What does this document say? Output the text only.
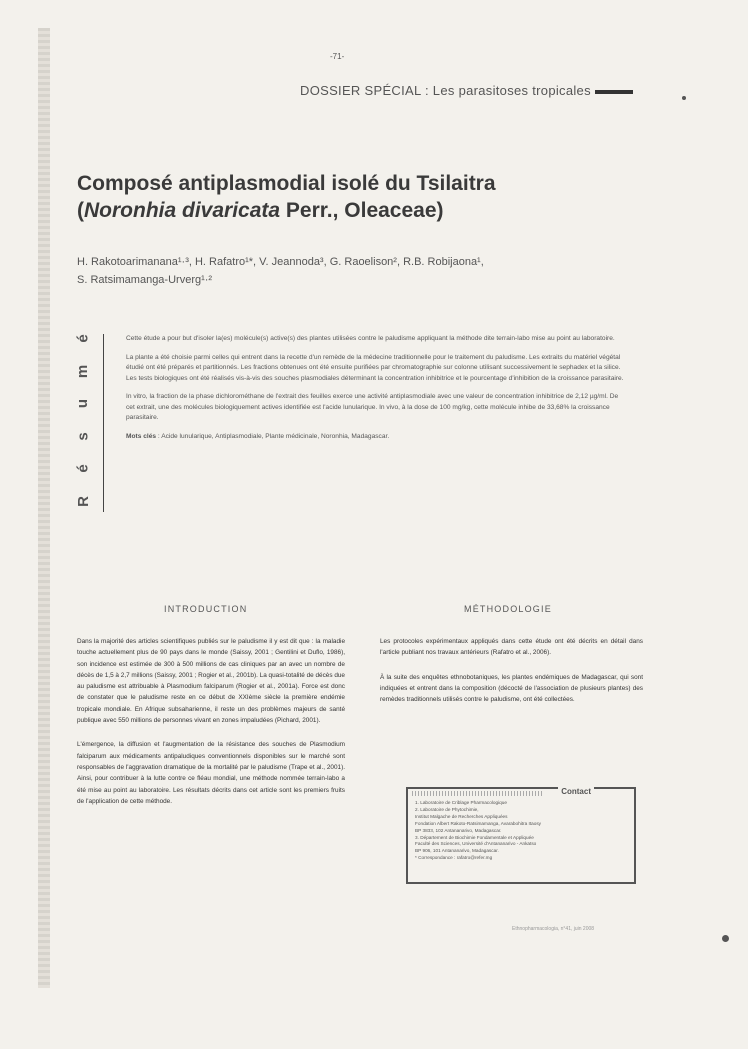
-71-
DOSSIER SPÉCIAL : Les parasitoses tropicales
Composé antiplasmodial isolé du Tsilaitra
(Noronhia divaricata Perr., Oleaceae)
H. Rakotoarimanana¹·³, H. Rafatro¹*, V. Jeannoda³, G. Raoelison², R.B. Robijaona¹,
S. Ratsimamanga-Urverg¹·²
é
m
u
s
é
R

Cette étude a pour but d'isoler la(es) molécule(s) active(s) des plantes utilisées contre le paludisme appliquant la méthode dite terrain-labo mise au point au laboratoire.

La plante a été choisie parmi celles qui entrent dans la recette d'un remède de la médecine traditionnelle pour le traitement du paludisme. Les extraits du matériel végétal étudié ont été préparés et partitionnés. Les fractions obtenues ont été ensuite purifiées par chromatographie sur colonne utilisant successivement le sephadex et la silice. Les tests biologiques ont été réalisés vis-à-vis des souches plasmodiales déterminant la concentration inhibitrice et le pourcentage d'inhibition de la croissance parasitaire.

In vitro, la fraction de la phase dichlorométhane de l'extrait des feuilles exerce une activité antiplasmodiale avec une valeur de concentration inhibitrice de 2,12 µg/ml. De cet extrait, une des molécules biologiquement actives identifiée est l'acide lunularique. In vivo, à la dose de 100 mg/kg, cette molécule inhibe de 33,68% la croissance parasitaire.

Mots clés : Acide lunularique, Antiplasmodiale, Plante médicinale, Noronhia, Madagascar.

INTRODUCTION

Dans la majorité des articles scientifiques publiés sur le paludisme il y est dit que : la maladie touche actuellement plus de 90 pays dans le monde (Saissy, 2001 ; Gentilini et Duflo, 1986), son incidence est estimée de 300 à 500 millions de cas cliniques par an avec un nombre de décès de 1,5 à 2,7 millions (Saissy, 2001 ; Rogier et al., 2001b). La quasi-totalité de décès due au paludisme est attribuable à Plasmodium falciparum (Rogier et al., 2001a). Force est donc de constater que le paludisme reste en ce début de XXIème siècle la première endémie tropicale mondiale. En Afrique subsaharienne, il reste un des problèmes majeurs de santé publique avec 550 millions de personnes vivant en zones impaludées (Pichard, 2001).

L'émergence, la diffusion et l'augmentation de la résistance des souches de Plasmodium falciparum aux médicaments antipaludiques conventionnels disponibles sur le marché sont responsables de l'aggravation dramatique de la mortalité par le paludisme (Trape et al., 2001). Ainsi, pour contribuer à la lutte contre ce fléau mondial, une méthode nommée terrain-labo a été mise au point au laboratoire. Les résultats décrits dans cet article sont les premiers fruits de l'application de cette méthode.

MÉTHODOLOGIE

Les protocoles expérimentaux appliqués dans cette étude ont été décrits en détail dans l'article publiant nos travaux antérieurs (Rafatro et al., 2006).

À la suite des enquêtes ethnobotaniques, les plantes endémiques de Madagascar, qui sont indiquées et entrent dans la composition (décocté de l'association de plusieurs plantes) des remèdes traditionnels utilisés contre le paludisme, ont été collectées.

Contact

1. Laboratoire de Criblage Pharmacologique

2. Laboratoire de Phytochimie,

Institut Malgache de Recherches Appliquées

Fondation Albert Rakoto-Ratsimamanga, Avarabohitra Itaosy

BP 3833, 102 Antananarivo, Madagascar.

3. Département de Biochimie Fondamentale et Appliquée

Faculté des Sciences, Université d'Antananarivo - Ankatso

BP 906, 101 Antananarivo, Madagascar.

* Correspondance : rafatro@refer.mg

Ethnopharmacologia, n°41, juin 2008
